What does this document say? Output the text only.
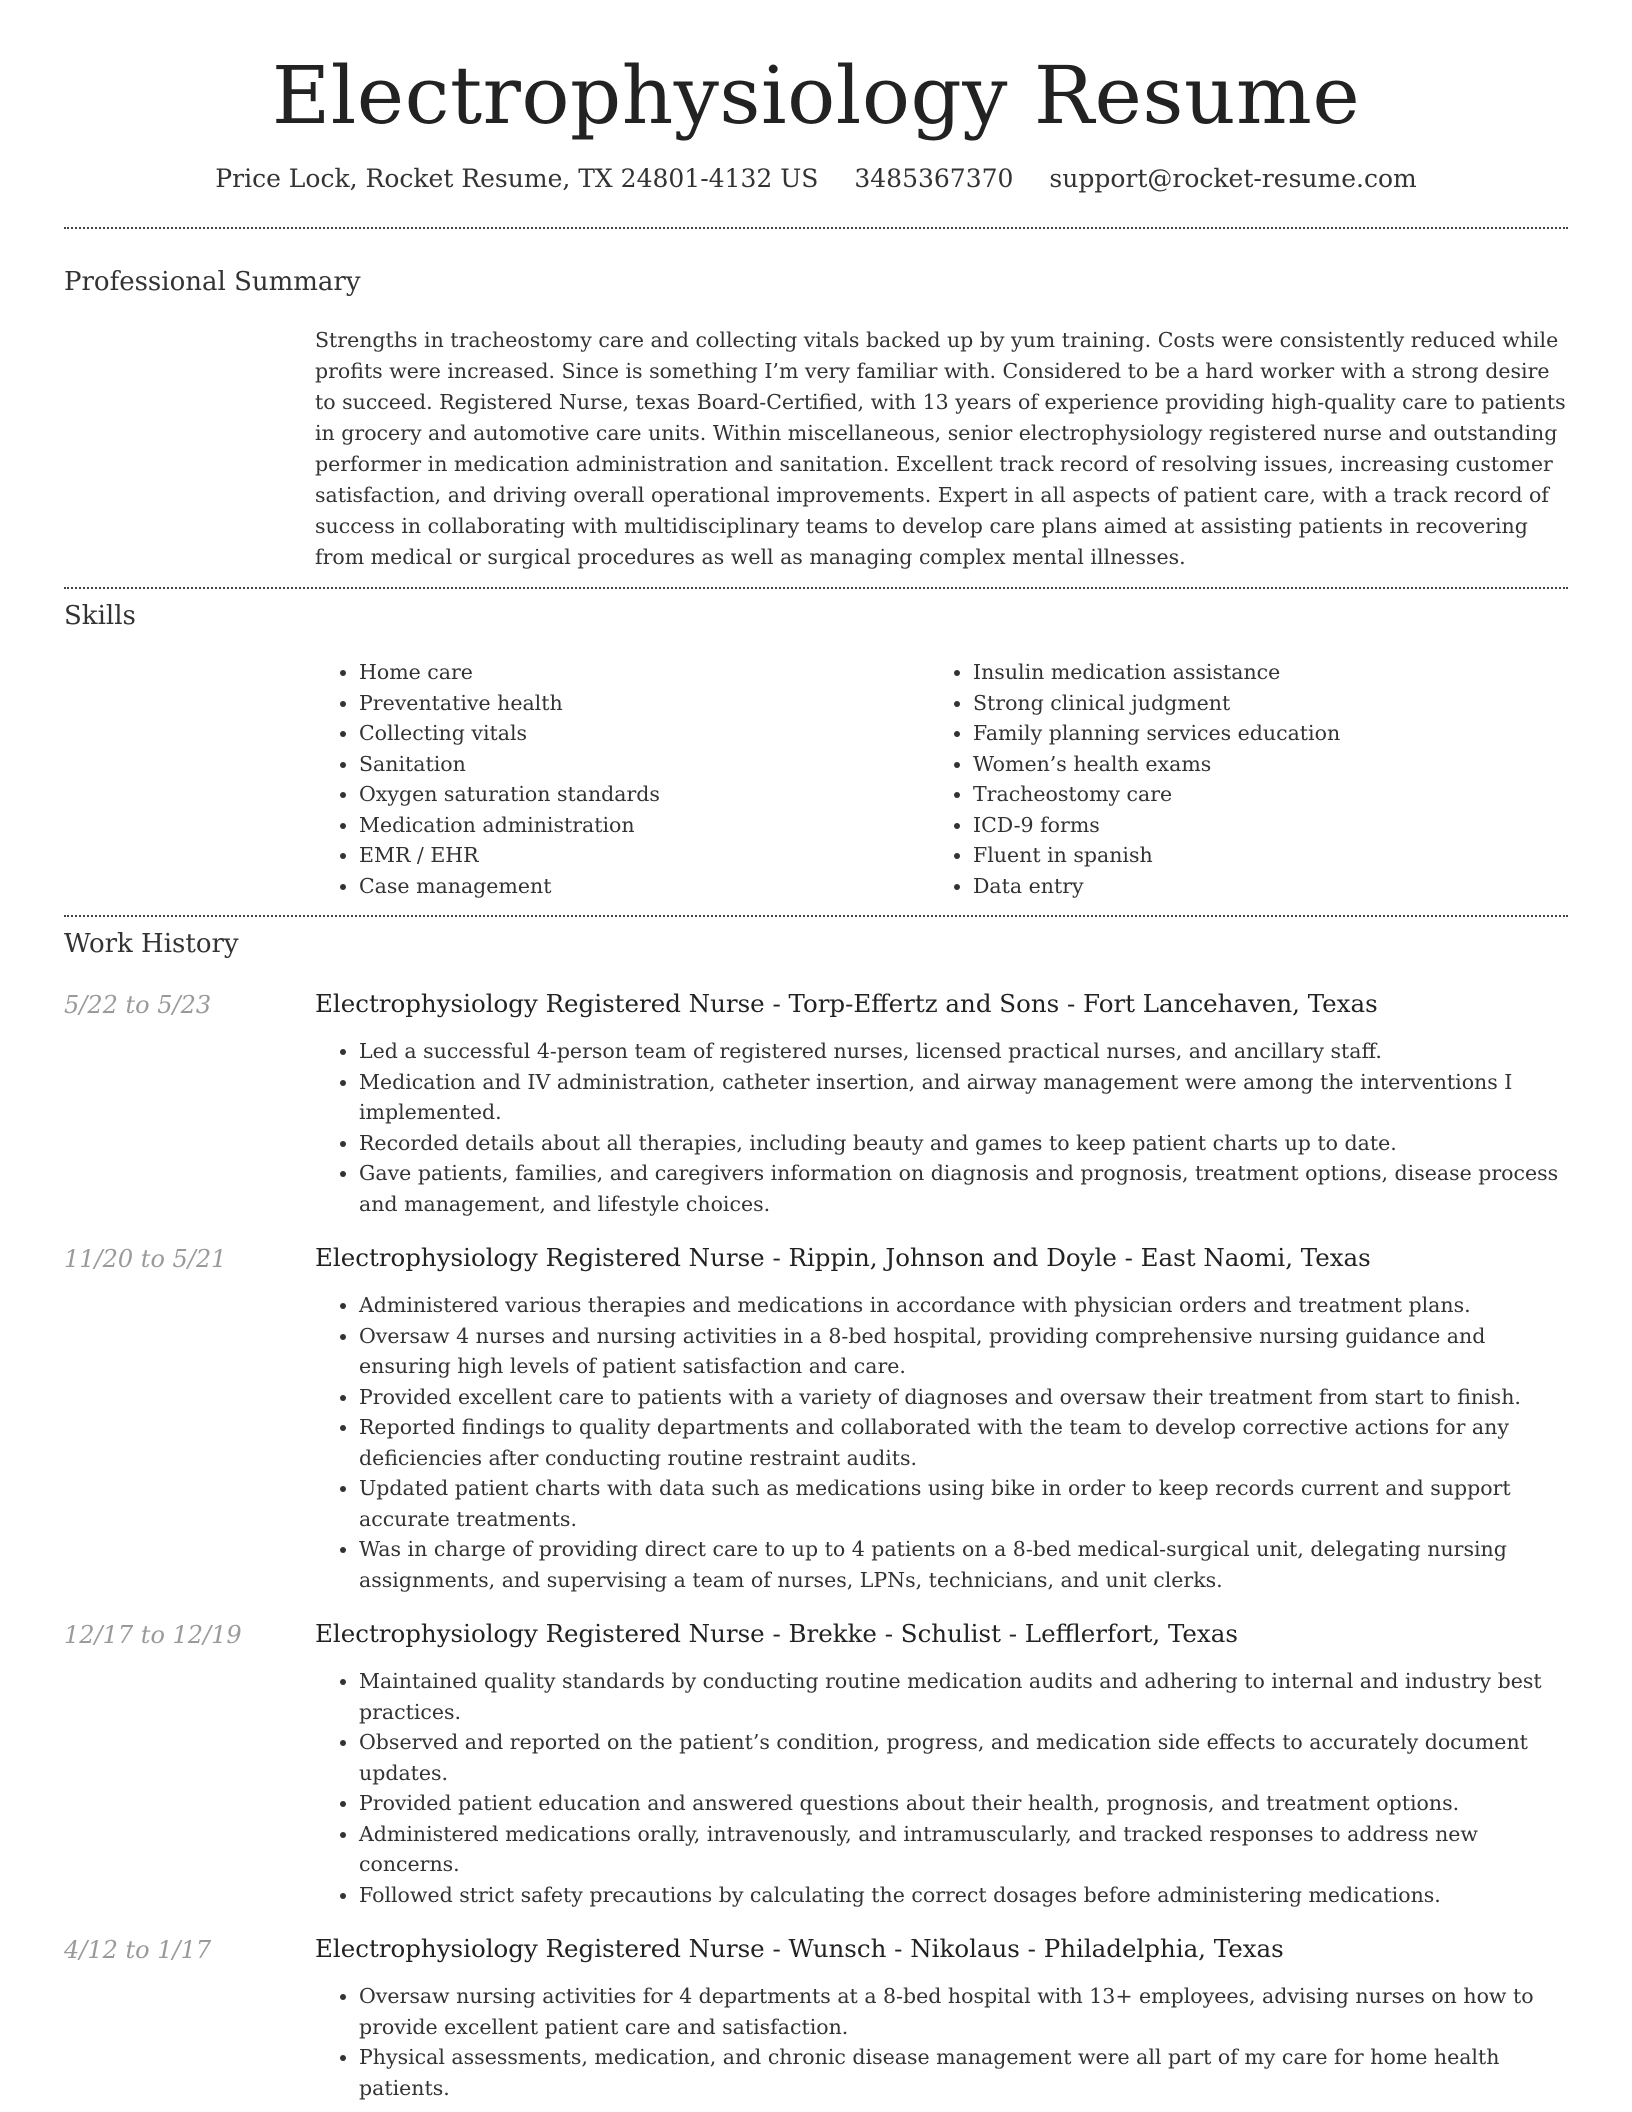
Electrophysiology Resume
Price Lock, Rocket Resume, TX 24801-4132 US 3485367370 support@rocket-resume.com
Professional Summary
Strengths in tracheostomy care and collecting vitals backed up by yum training. Costs were consistently reduced while profits were increased. Since is something I’m very familiar with. Considered to be a hard worker with a strong desire to succeed. Registered Nurse, texas Board-Certified, with 13 years of experience providing high-quality care to patients in grocery and automotive care units. Within miscellaneous, senior electrophysiology registered nurse and outstanding performer in medication administration and sanitation. Excellent track record of resolving issues, increasing customer satisfaction, and driving overall operational improvements. Expert in all aspects of patient care, with a track record of success in collaborating with multidisciplinary teams to develop care plans aimed at assisting patients in recovering from medical or surgical procedures as well as managing complex mental illnesses.
Skills
• Home care
• Preventative health
• Collecting vitals
• Sanitation
• Oxygen saturation standards
• Medication administration
• EMR / EHR
• Case management
• Insulin medication assistance
• Strong clinical judgment
• Family planning services education
• Women’s health exams
• Tracheostomy care
• ICD-9 forms
• Fluent in spanish
• Data entry
Work History
5/22 to 5/23	Electrophysiology Registered Nurse - Torp-Effertz and Sons - Fort Lancehaven, Texas
• Led a successful 4-person team of registered nurses, licensed practical nurses, and ancillary staff.
• Medication and IV administration, catheter insertion, and airway management were among the interventions I implemented.
• Recorded details about all therapies, including beauty and games to keep patient charts up to date.
• Gave patients, families, and caregivers information on diagnosis and prognosis, treatment options, disease process and management, and lifestyle choices.
11/20 to 5/21	Electrophysiology Registered Nurse - Rippin, Johnson and Doyle - East Naomi, Texas
• Administered various therapies and medications in accordance with physician orders and treatment plans.
• Oversaw 4 nurses and nursing activities in a 8-bed hospital, providing comprehensive nursing guidance and ensuring high levels of patient satisfaction and care.
• Provided excellent care to patients with a variety of diagnoses and oversaw their treatment from start to finish.
• Reported findings to quality departments and collaborated with the team to develop corrective actions for any deficiencies after conducting routine restraint audits.
• Updated patient charts with data such as medications using bike in order to keep records current and support accurate treatments.
• Was in charge of providing direct care to up to 4 patients on a 8-bed medical-surgical unit, delegating nursing assignments, and supervising a team of nurses, LPNs, technicians, and unit clerks.
12/17 to 12/19	Electrophysiology Registered Nurse - Brekke - Schulist - Lefflerfort, Texas
• Maintained quality standards by conducting routine medication audits and adhering to internal and industry best practices.
• Observed and reported on the patient’s condition, progress, and medication side effects to accurately document updates.
• Provided patient education and answered questions about their health, prognosis, and treatment options.
• Administered medications orally, intravenously, and intramuscularly, and tracked responses to address new concerns.
• Followed strict safety precautions by calculating the correct dosages before administering medications.
4/12 to 1/17	Electrophysiology Registered Nurse - Wunsch - Nikolaus - Philadelphia, Texas
• Oversaw nursing activities for 4 departments at a 8-bed hospital with 13+ employees, advising nurses on how to provide excellent patient care and satisfaction.
• Physical assessments, medication, and chronic disease management were all part of my care for home health patients.
